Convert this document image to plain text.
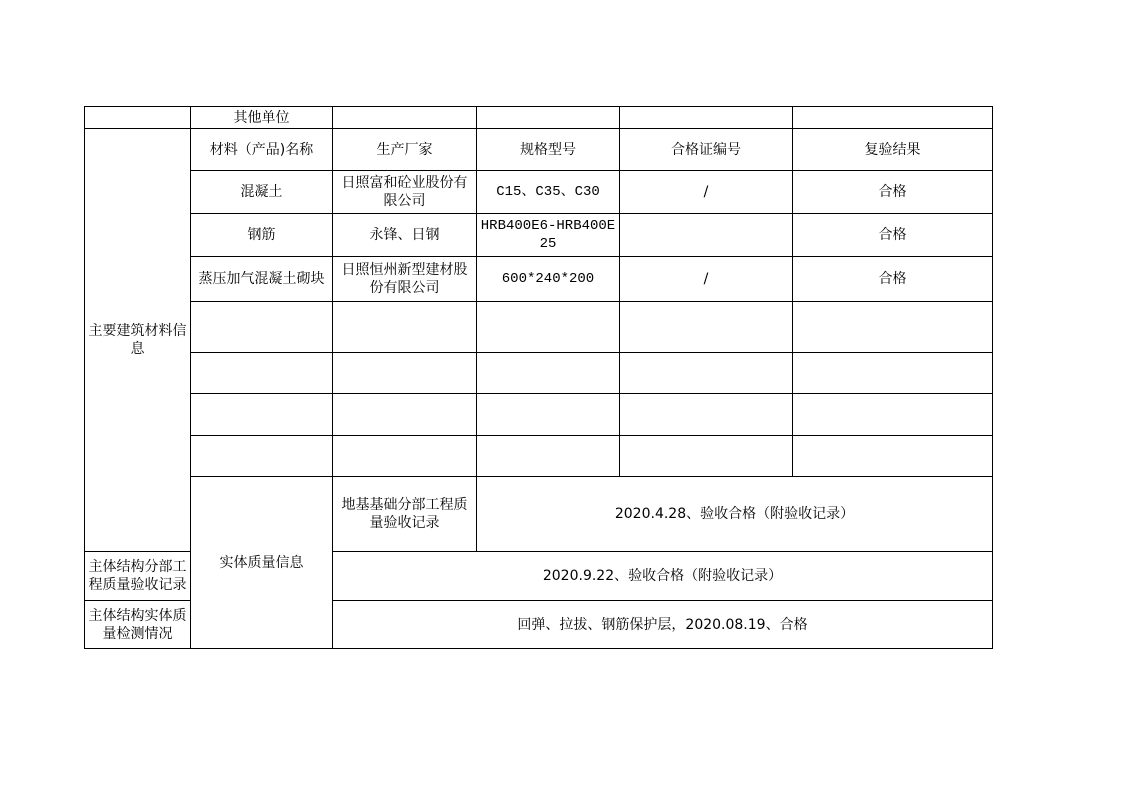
	其他单位				
主要建筑材料信息	材料（产品)名称	生产厂家	规格型号	合格证编号	复验结果
	混凝土	日照富和砼业股份有限公司	C15、C35、C30	/	合格
	钢筋	永锋、日钢	HRB400E6-HRB400E25		合格
	蒸压加气混凝土砌块	日照恒州新型建材股份有限公司	600*240*200	/	合格

	实体质量信息	地基基础分部工程质量验收记录	2020.4.28、验收合格（附验收记录）		
主体结构分部工程质量验收记录		2020.9.22、验收合格（附验收记录）			
主体结构实体质量检测情况		回弹、拉拔、钢筋保护层，2020.08.19、合格			
